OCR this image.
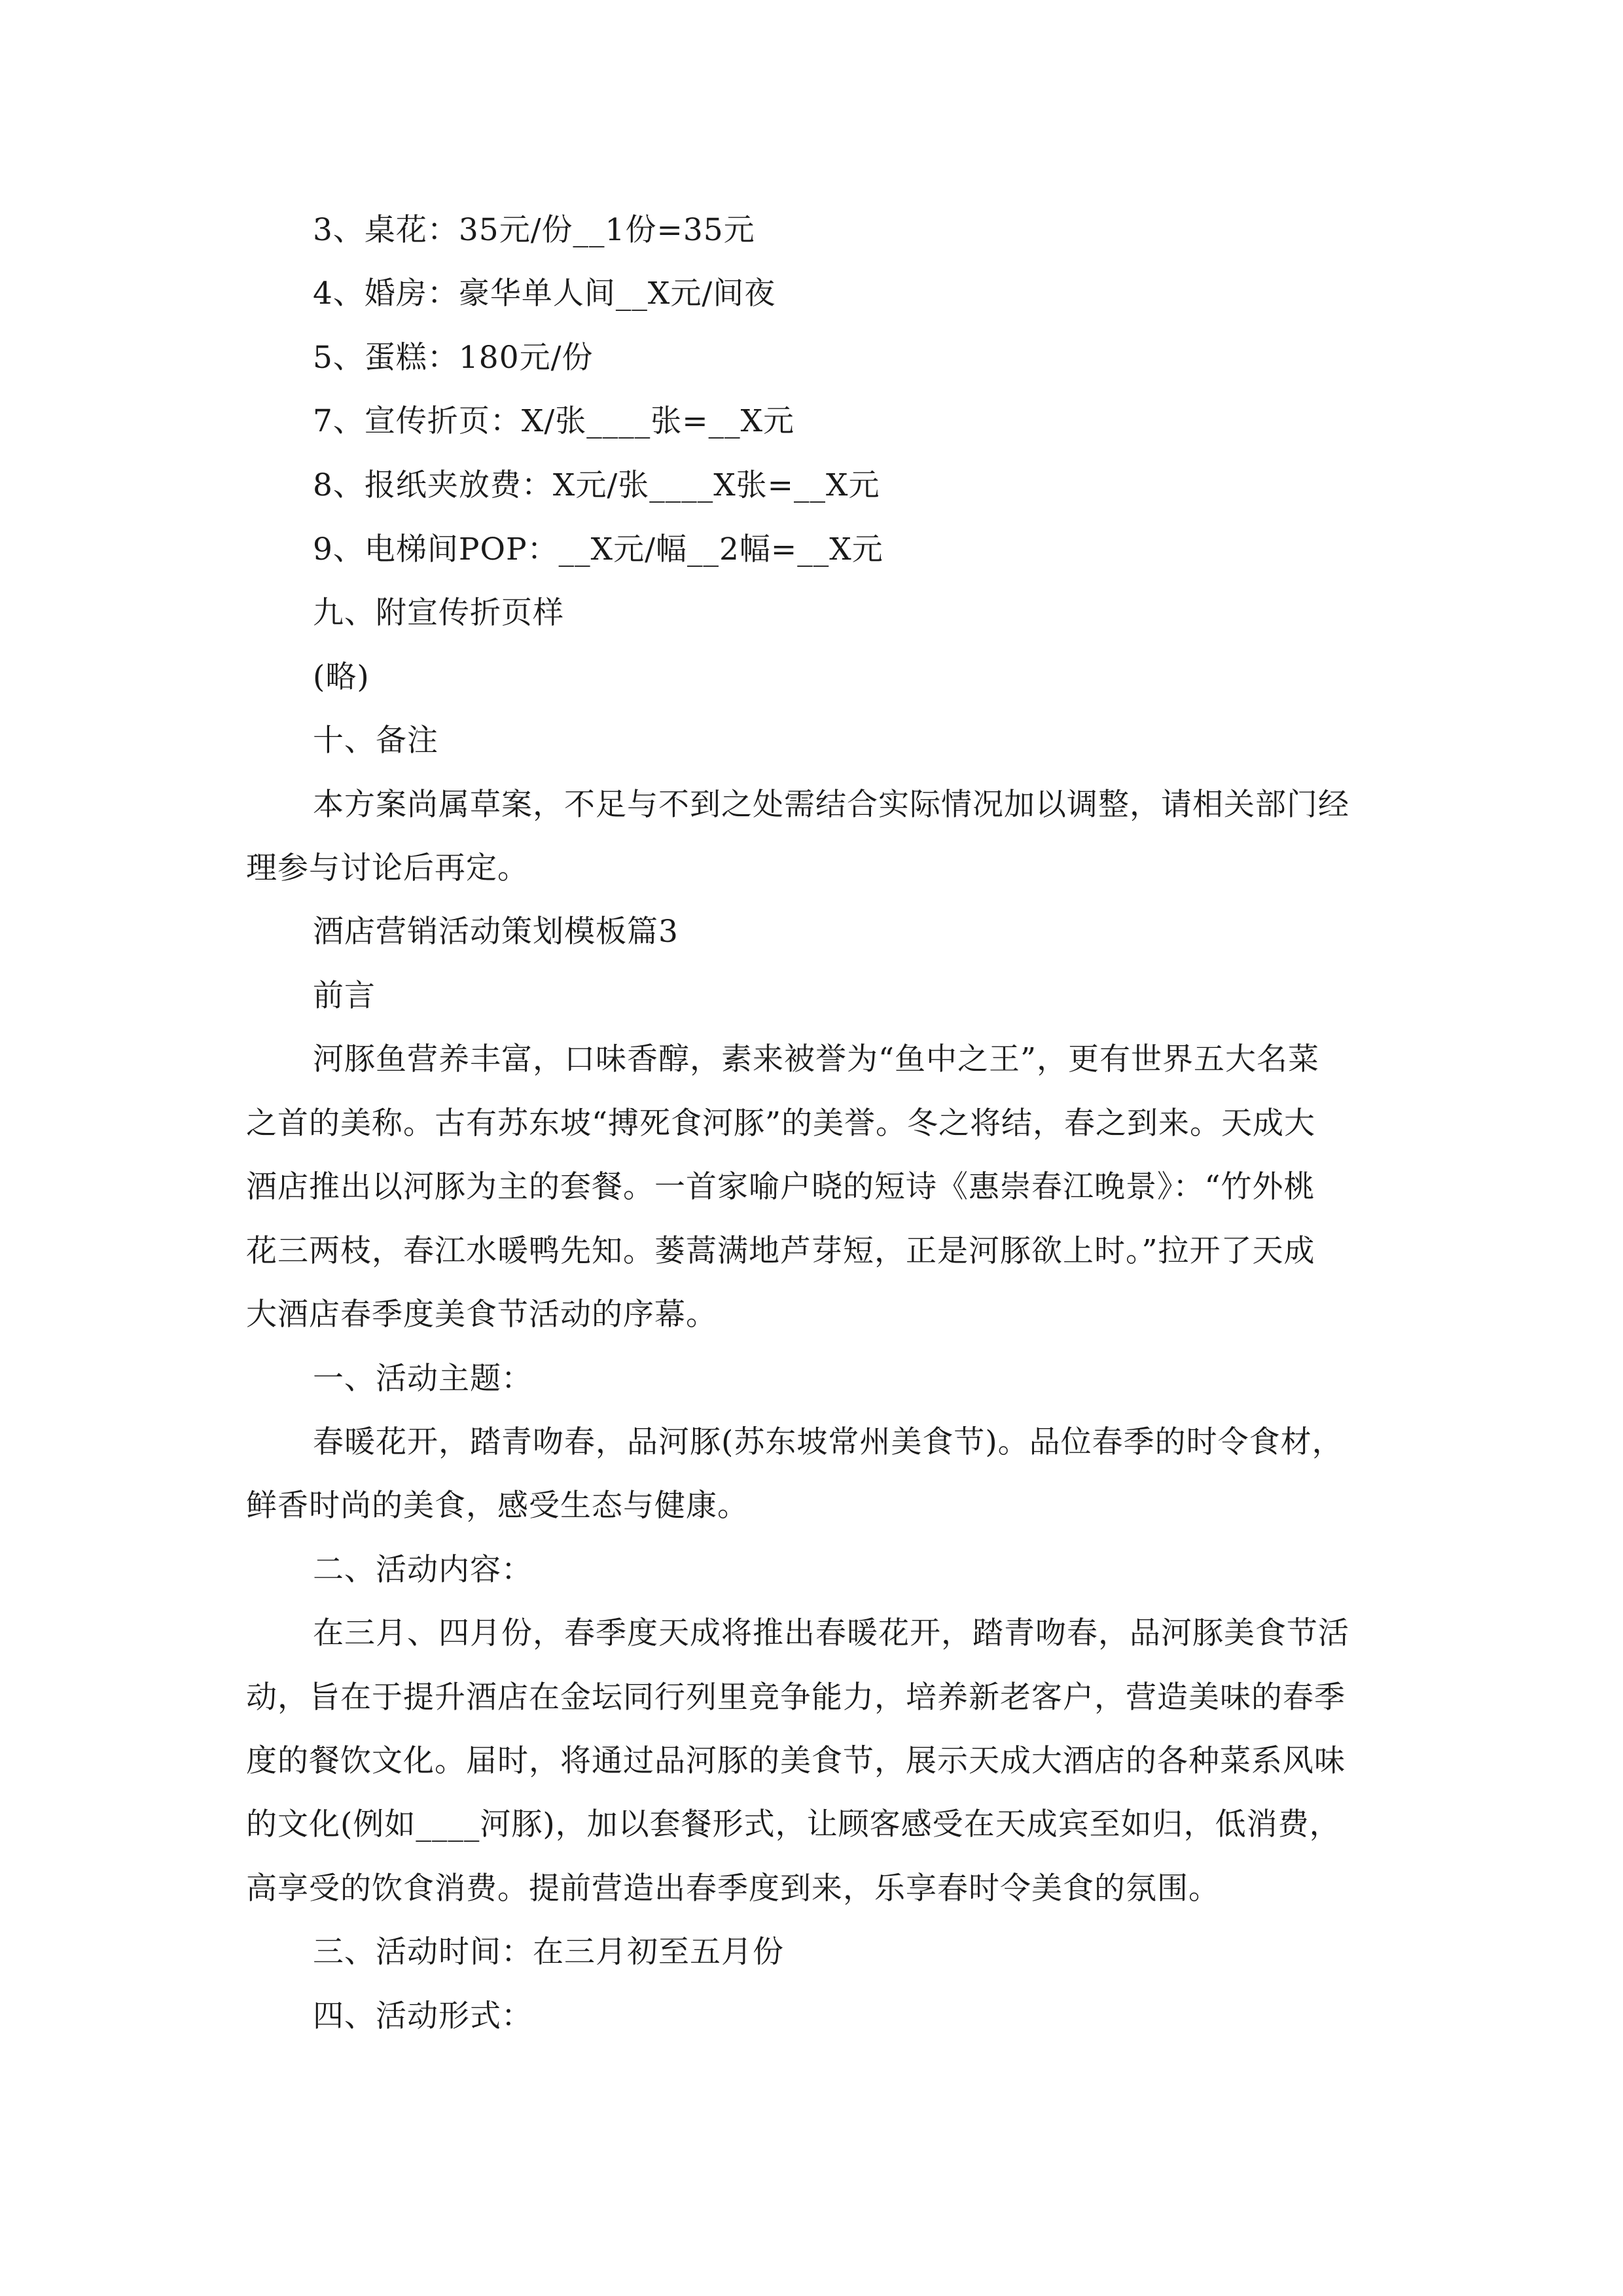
3、桌花：35元/份__1份=35元
4、婚房：豪华单人间__X元/间夜
5、蛋糕：180元/份
7、宣传折页：X/张____张=__X元
8、报纸夹放费：X元/张____X张=__X元
9、电梯间POP：__X元/幅__2幅=__X元
九、附宣传折页样
(略)
十、备注
本方案尚属草案，不足与不到之处需结合实际情况加以调整，请相关部门经
理参与讨论后再定。
酒店营销活动策划模板篇3
前言
河豚鱼营养丰富，口味香醇，素来被誉为“鱼中之王”，更有世界五大名菜
之首的美称。古有苏东坡“搏死食河豚”的美誉。冬之将结，春之到来。天成大
酒店推出以河豚为主的套餐。一首家喻户晓的短诗《惠崇春江晚景》：“竹外桃
花三两枝，春江水暖鸭先知。蒌蒿满地芦芽短，正是河豚欲上时。”拉开了天成
大酒店春季度美食节活动的序幕。
一、活动主题：
春暖花开，踏青吻春，品河豚(苏东坡常州美食节)。品位春季的时令食材，
鲜香时尚的美食，感受生态与健康。
二、活动内容：
在三月、四月份，春季度天成将推出春暖花开，踏青吻春，品河豚美食节活
动，旨在于提升酒店在金坛同行列里竞争能力，培养新老客户，营造美味的春季
度的餐饮文化。届时，将通过品河豚的美食节，展示天成大酒店的各种菜系风味
的文化(例如____河豚)，加以套餐形式，让顾客感受在天成宾至如归，低消费，
高享受的饮食消费。提前营造出春季度到来，乐享春时令美食的氛围。
三、活动时间：在三月初至五月份
四、活动形式：
